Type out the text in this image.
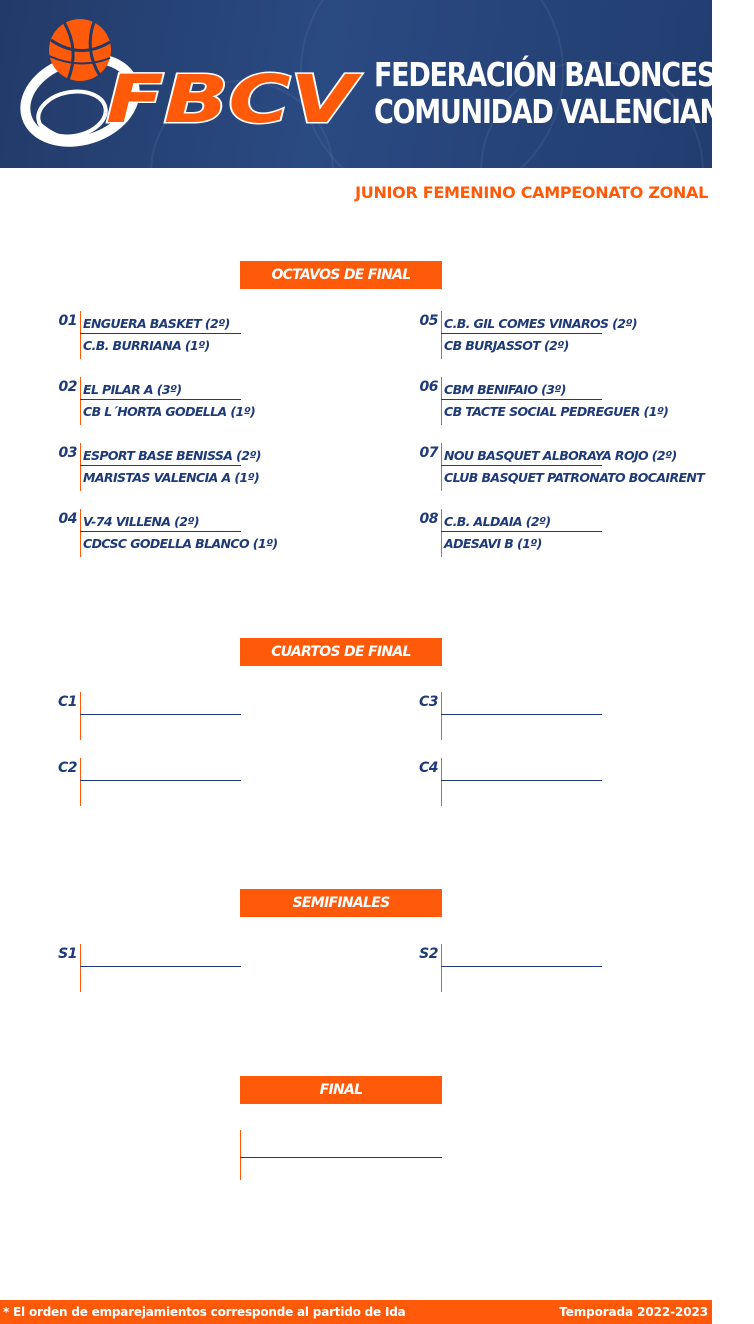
FBCV FEDERACIÓN BALONCESTO
COMUNIDAD VALENCIANA
JUNIOR FEMENINO CAMPEONATO ZONAL
OCTAVOS DE FINAL
01 ENGUERA BASKET (2º)
C.B. BURRIANA (1º)
02 EL PILAR A (3º)
CB L´HORTA GODELLA (1º)
03 ESPORT BASE BENISSA (2º)
MARISTAS VALENCIA A (1º)
04 V-74 VILLENA (2º)
CDCSC GODELLA BLANCO (1º)
05 C.B. GIL COMES VINAROS (2º)
CB BURJASSOT (2º)
06 CBM BENIFAIO (3º)
CB TACTE SOCIAL PEDREGUER (1º)
07 NOU BASQUET ALBORAYA ROJO (2º)
CLUB BASQUET PATRONATO BOCAIRENT
08 C.B. ALDAIA (2º)
ADESAVI B (1º)
CUARTOS DE FINAL
C1
C2
C3
C4
SEMIFINALES
S1	S2
FINAL
* El orden de emparejamientos corresponde al partido de Ida	Temporada 2022-2023
